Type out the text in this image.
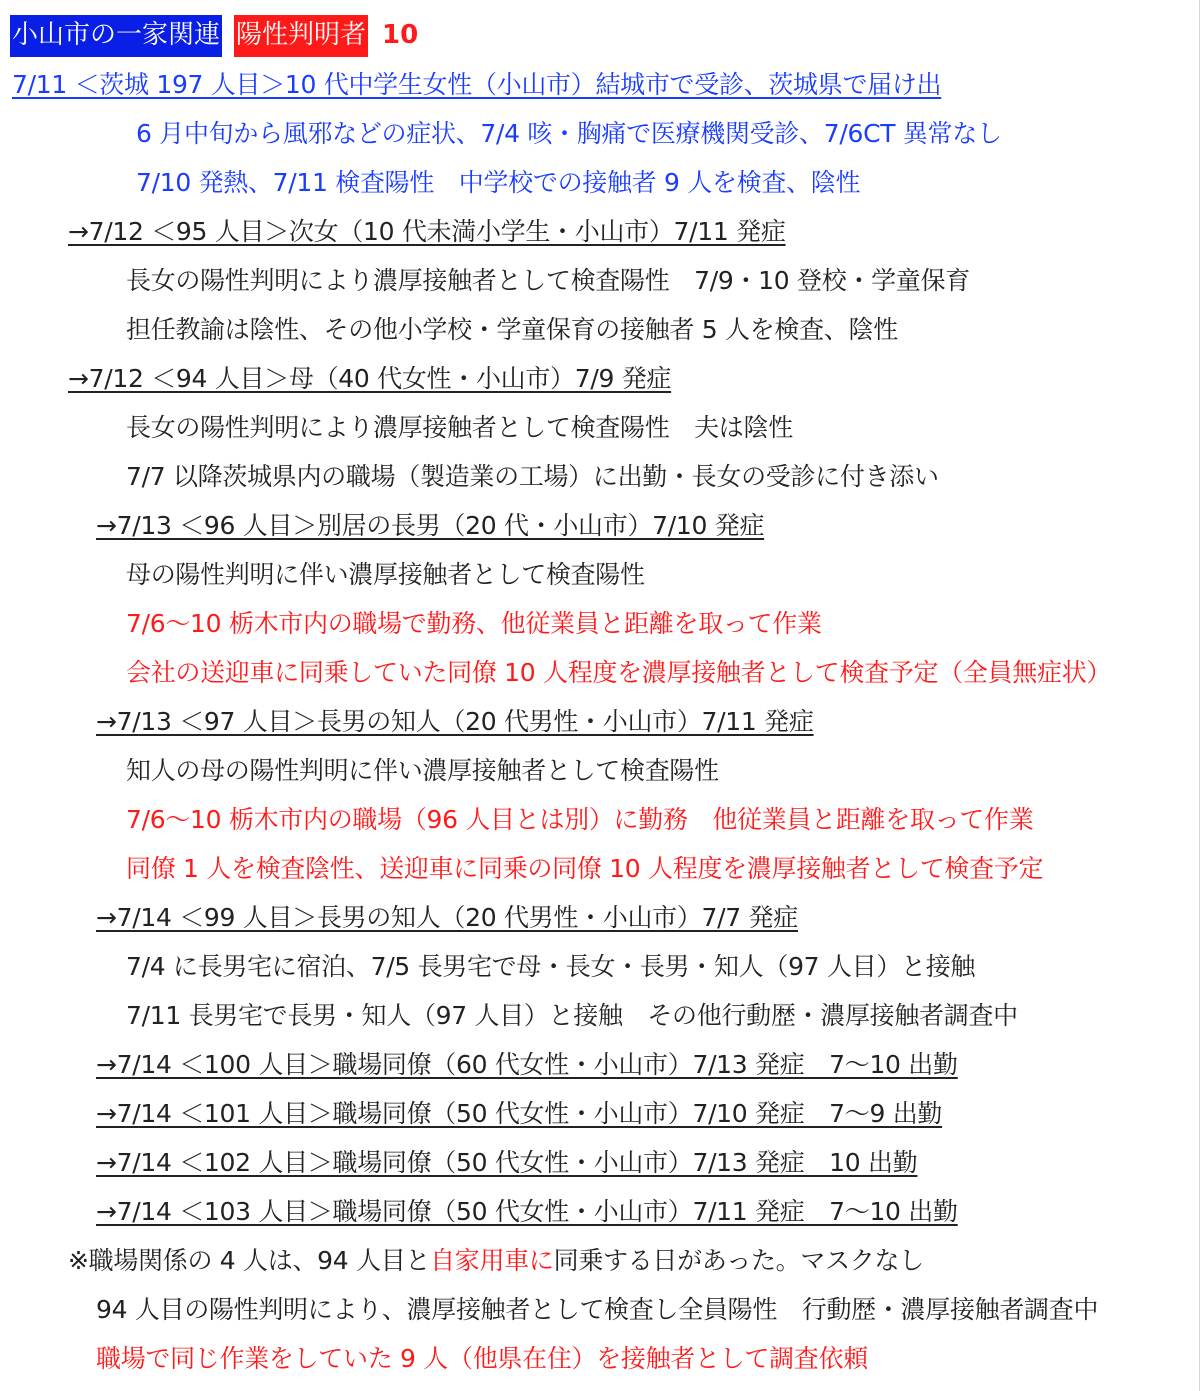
小山市の一家関連 陽性判明者 10
7/11 ＜茨城 197 人目＞10 代中学生女性（小山市）結城市で受診、茨城県で届け出
6 月中旬から風邪などの症状、7/4 咳・胸痛で医療機関受診、7/6CT 異常なし
7/10 発熱、7/11 検査陽性　中学校での接触者 9 人を検査、陰性
→7/12 ＜95 人目＞次女（10 代未満小学生・小山市）7/11 発症
長女の陽性判明により濃厚接触者として検査陽性　7/9・10 登校・学童保育
担任教諭は陰性、その他小学校・学童保育の接触者 5 人を検査、陰性
→7/12 ＜94 人目＞母（40 代女性・小山市）7/9 発症
長女の陽性判明により濃厚接触者として検査陽性　夫は陰性
7/7 以降茨城県内の職場（製造業の工場）に出勤・長女の受診に付き添い
→7/13 ＜96 人目＞別居の長男（20 代・小山市）7/10 発症
母の陽性判明に伴い濃厚接触者として検査陽性
7/6～10 栃木市内の職場で勤務、他従業員と距離を取って作業
会社の送迎車に同乗していた同僚 10 人程度を濃厚接触者として検査予定（全員無症状）
→7/13 ＜97 人目＞長男の知人（20 代男性・小山市）7/11 発症
知人の母の陽性判明に伴い濃厚接触者として検査陽性
7/6～10 栃木市内の職場（96 人目とは別）に勤務　他従業員と距離を取って作業
同僚 1 人を検査陰性、送迎車に同乗の同僚 10 人程度を濃厚接触者として検査予定
→7/14 ＜99 人目＞長男の知人（20 代男性・小山市）7/7 発症
7/4 に長男宅に宿泊、7/5 長男宅で母・長女・長男・知人（97 人目）と接触
7/11 長男宅で長男・知人（97 人目）と接触　その他行動歴・濃厚接触者調査中
→7/14 ＜100 人目＞職場同僚（60 代女性・小山市）7/13 発症　7～10 出勤
→7/14 ＜101 人目＞職場同僚（50 代女性・小山市）7/10 発症　7～9 出勤
→7/14 ＜102 人目＞職場同僚（50 代女性・小山市）7/13 発症　10 出勤
→7/14 ＜103 人目＞職場同僚（50 代女性・小山市）7/11 発症　7～10 出勤
※職場関係の 4 人は、94 人目と自家用車に同乗する日があった。マスクなし
94 人目の陽性判明により、濃厚接触者として検査し全員陽性　行動歴・濃厚接触者調査中
職場で同じ作業をしていた 9 人（他県在住）を接触者として調査依頼
